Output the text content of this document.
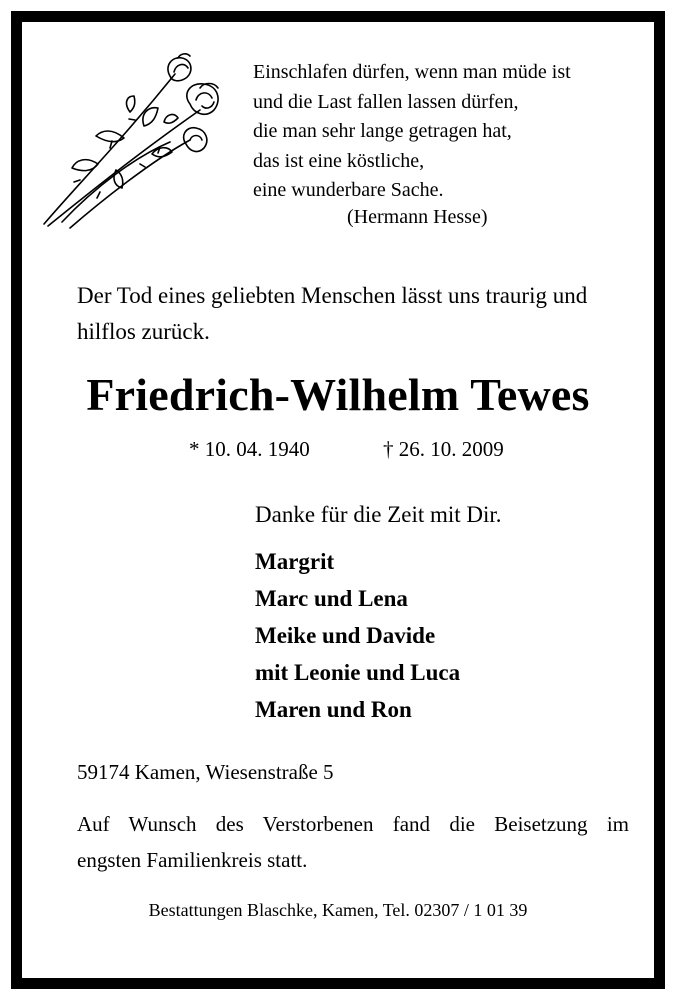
Einschlafen dürfen, wenn man müde ist
und die Last fallen lassen dürfen,
die man sehr lange getragen hat,
das ist eine köstliche,
eine wunderbare Sache.
(Hermann Hesse)
Der Tod eines geliebten Menschen lässt uns traurig und hilflos zurück.
Friedrich-Wilhelm Tewes
* 10. 04. 1940	† 26. 10. 2009
Danke für die Zeit mit Dir.
Margrit
Marc und Lena
Meike und Davide
mit Leonie und Luca
Maren und Ron
59174 Kamen, Wiesenstraße 5
Auf Wunsch des Verstorbenen fand die Beisetzung im
engsten Familienkreis statt.
Bestattungen Blaschke, Kamen, Tel. 02307 / 1 01 39
